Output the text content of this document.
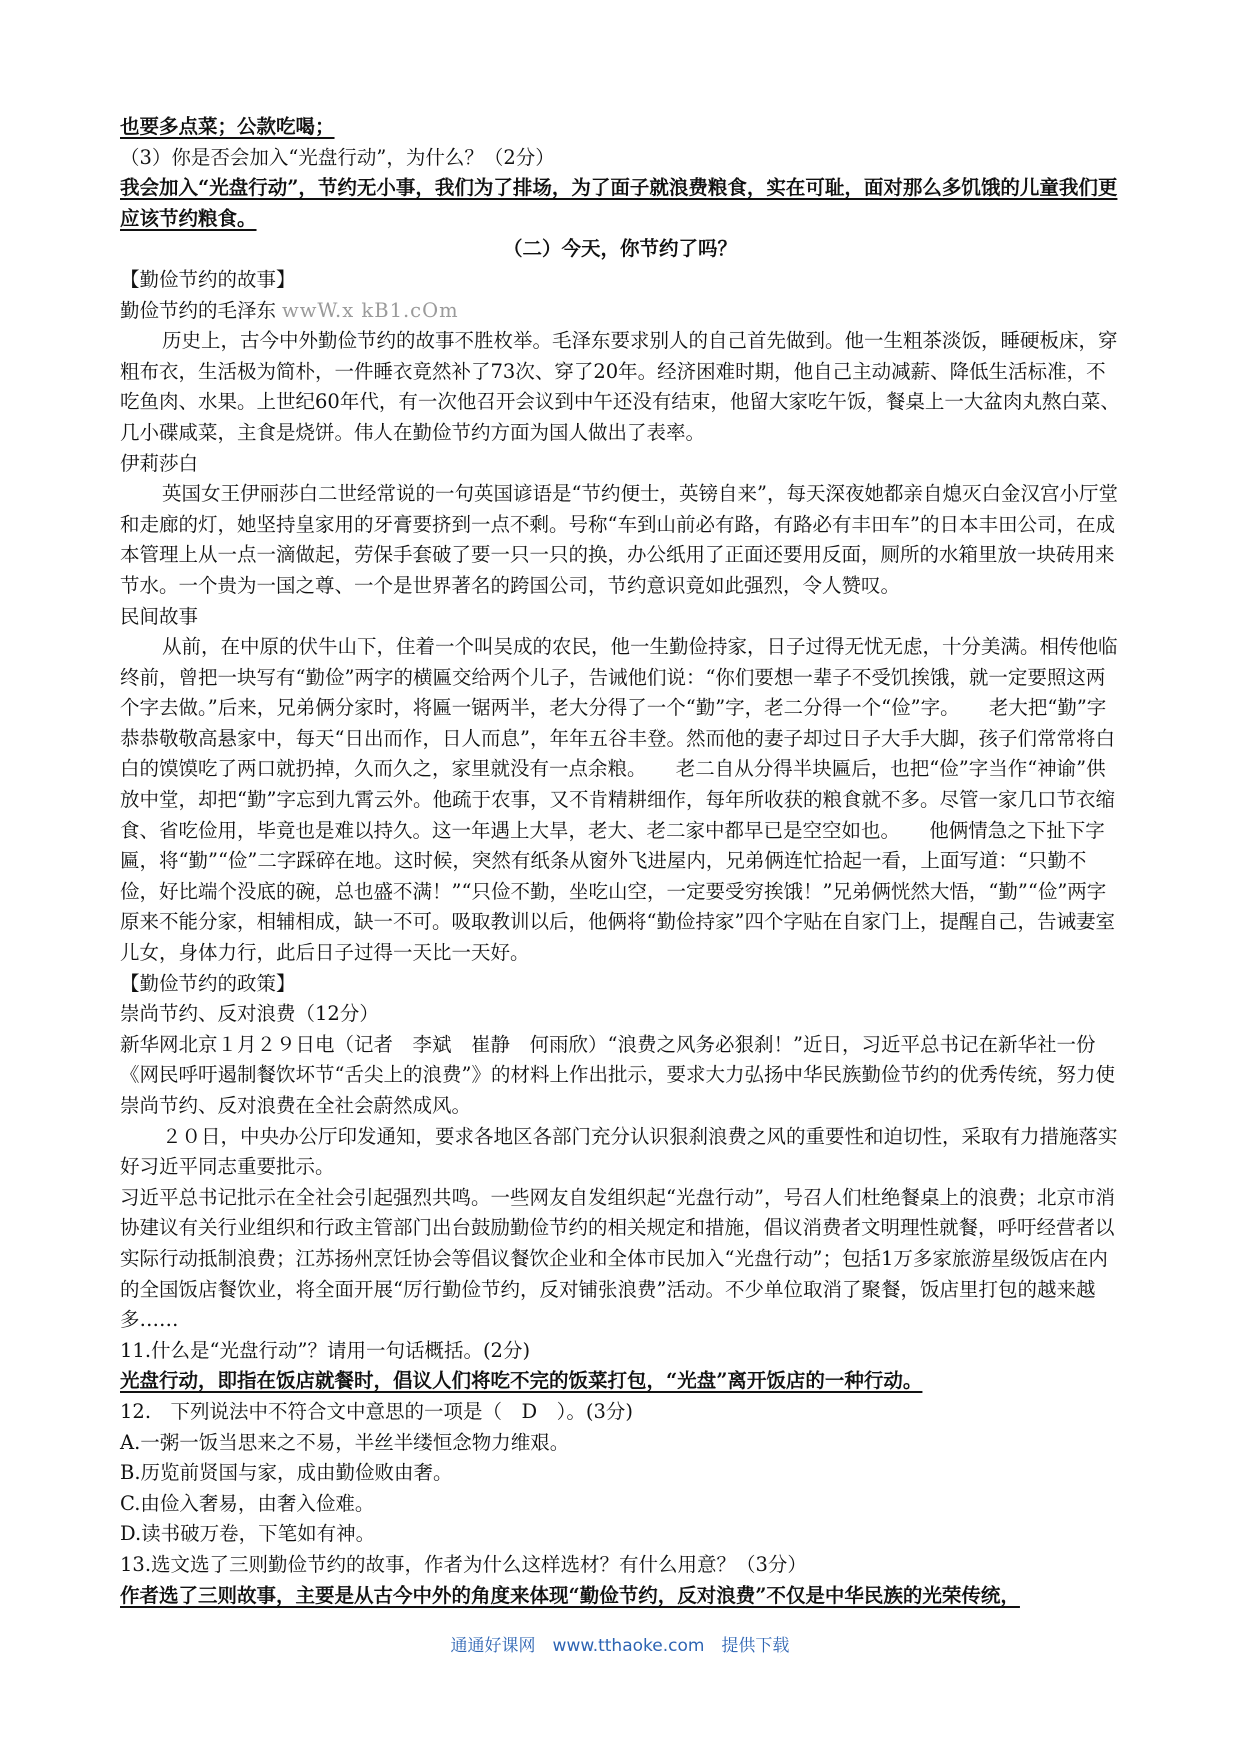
也要多点菜；公款吃喝；

（3）你是否会加入“光盘行动”，为什么？（2分）

我会加入“光盘行动”，节约无小事，我们为了排场，为了面子就浪费粮食，实在可耻，面对那么多饥饿的儿童我们更应该节约粮食。

（二）今天，你节约了吗？

【勤俭节约的故事】

勤俭节约的毛泽东 wwW.x kB1.cOm

历史上，古今中外勤俭节约的故事不胜枚举。毛泽东要求别人的自己首先做到。他一生粗茶淡饭，睡硬板床，穿粗布衣，生活极为简朴，一件睡衣竟然补了73次、穿了20年。经济困难时期，他自己主动减薪、降低生活标准，不吃鱼肉、水果。上世纪60年代，有一次他召开会议到中午还没有结束，他留大家吃午饭，餐桌上一大盆肉丸熬白菜、几小碟咸菜，主食是烧饼。伟人在勤俭节约方面为国人做出了表率。

伊莉莎白

英国女王伊丽莎白二世经常说的一句英国谚语是“节约便士，英镑自来”，每天深夜她都亲自熄灭白金汉宫小厅堂和走廊的灯，她坚持皇家用的牙膏要挤到一点不剩。号称“车到山前必有路，有路必有丰田车”的日本丰田公司，在成本管理上从一点一滴做起，劳保手套破了要一只一只的换，办公纸用了正面还要用反面，厕所的水箱里放一块砖用来节水。一个贵为一国之尊、一个是世界著名的跨国公司，节约意识竟如此强烈，令人赞叹。

民间故事

从前，在中原的伏牛山下，住着一个叫吴成的农民，他一生勤俭持家，日子过得无忧无虑，十分美满。相传他临终前，曾把一块写有“勤俭”两字的横匾交给两个儿子，告诫他们说：“你们要想一辈子不受饥挨饿，就一定要照这两个字去做。”后来，兄弟俩分家时，将匾一锯两半，老大分得了一个“勤”字，老二分得一个“俭”字。　　老大把“勤”字恭恭敬敬高悬家中，每天“日出而作，日人而息”，年年五谷丰登。然而他的妻子却过日子大手大脚，孩子们常常将白白的馍馍吃了两口就扔掉，久而久之，家里就没有一点余粮。　　老二自从分得半块匾后，也把“俭”字当作“神谕”供放中堂，却把“勤”字忘到九霄云外。他疏于农事，又不肯精耕细作，每年所收获的粮食就不多。尽管一家几口节衣缩食、省吃俭用，毕竟也是难以持久。这一年遇上大旱，老大、老二家中都早已是空空如也。　　他俩情急之下扯下字匾，将“勤”“俭”二字踩碎在地。这时候，突然有纸条从窗外飞进屋内，兄弟俩连忙拾起一看，上面写道：“只勤不俭，好比端个没底的碗，总也盛不满！”“只俭不勤，坐吃山空，一定要受穷挨饿！”兄弟俩恍然大悟，“勤”“俭”两字原来不能分家，相辅相成，缺一不可。吸取教训以后，他俩将“勤俭持家”四个字贴在自家门上，提醒自己，告诫妻室儿女，身体力行，此后日子过得一天比一天好。

【勤俭节约的政策】

崇尚节约、反对浪费（12分）

新华网北京１月２９日电（记者　李斌　崔静　何雨欣）“浪费之风务必狠刹！”近日，习近平总书记在新华社一份《网民呼吁遏制餐饮坏节“舌尖上的浪费”》的材料上作出批示，要求大力弘扬中华民族勤俭节约的优秀传统，努力使崇尚节约、反对浪费在全社会蔚然成风。

２０日，中央办公厅印发通知，要求各地区各部门充分认识狠刹浪费之风的重要性和迫切性，采取有力措施落实好习近平同志重要批示。

习近平总书记批示在全社会引起强烈共鸣。一些网友自发组织起“光盘行动”，号召人们杜绝餐桌上的浪费；北京市消协建议有关行业组织和行政主管部门出台鼓励勤俭节约的相关规定和措施，倡议消费者文明理性就餐，呼吁经营者以实际行动抵制浪费；江苏扬州烹饪协会等倡议餐饮企业和全体市民加入“光盘行动”；包括1万多家旅游星级饭店在内的全国饭店餐饮业，将全面开展“厉行勤俭节约，反对铺张浪费”活动。不少单位取消了聚餐，饭店里打包的越来越多……

11.什么是“光盘行动”？请用一句话概括。(2分)

光盘行动，即指在饭店就餐时，倡议人们将吃不完的饭菜打包，“光盘”离开饭店的一种行动。

12.　下列说法中不符合文中意思的一项是（　D　）。(3分)

A.一粥一饭当思来之不易，半丝半缕恒念物力维艰。

B.历览前贤国与家，成由勤俭败由奢。

C.由俭入奢易，由奢入俭难。

D.读书破万卷，下笔如有神。

13.选文选了三则勤俭节约的故事，作者为什么这样选材？有什么用意？（3分）

作者选了三则故事，主要是从古今中外的角度来体现“勤俭节约，反对浪费”不仅是中华民族的光荣传统，

通通好课网　www.tthaoke.com　提供下载
